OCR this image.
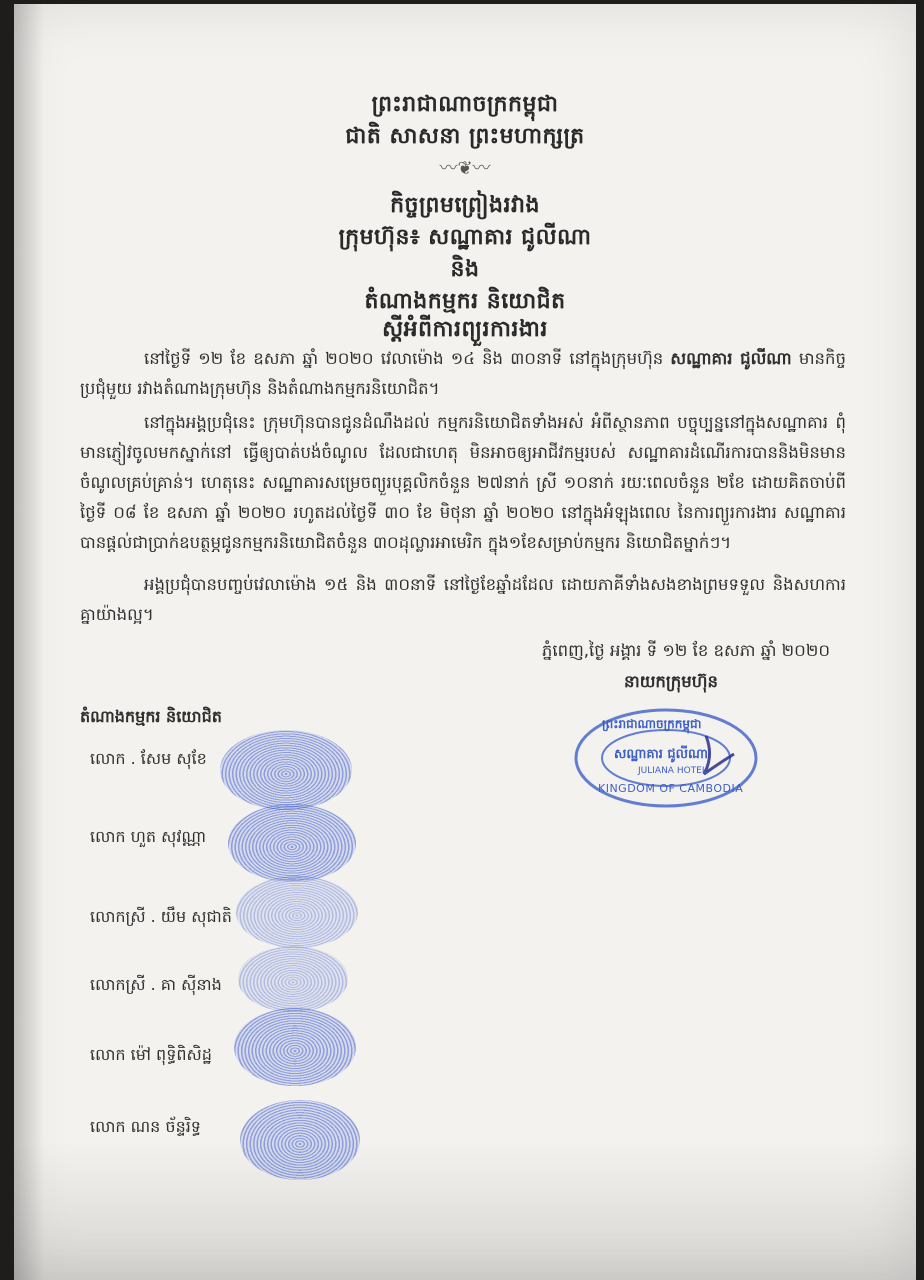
ព្រះរាជាណាចក្រកម្ពុជា
ជាតិ សាសនា ព្រះមហាក្សត្រ
〰❦〰
កិច្ចព្រមព្រៀងរវាង
ក្រុមហ៊ុន៖ សណ្ឋាគារ ជូលីណា
និង
តំណាងកម្មករ និយោជិត
ស្ដីអំពីការព្យួរការងារ
នៅថ្ងៃទី ១២ ខែ ឧសភា ឆ្នាំ ២០២០ វេលាម៉ោង ១៤ និង ៣០នាទី នៅក្នុងក្រុមហ៊ុន សណ្ឋាគារ ជូលីណា មានកិច្ចប្រជុំមួយ រវាងតំណាងក្រុមហ៊ុន និងតំណាងកម្មករនិយោជិត។
នៅក្នុងអង្គប្រជុំនេះ ក្រុមហ៊ុនបានជូនដំណឹងដល់ កម្មករនិយោជិតទាំងអស់ អំពីស្ថានភាព បច្ចុប្បន្ននៅក្នុងសណ្ឋាគារ ពុំមានភ្ញៀវចូលមកស្នាក់នៅ ធ្វើឲ្យបាត់បង់ចំណូល ដែលជាហេតុ មិនអាចឲ្យអាជីវកម្មរបស់ សណ្ឋាគារដំណើរការបាននិងមិនមានចំណូលគ្រប់គ្រាន់។ ហេតុនេះ សណ្ឋាគារសម្រេចព្យួរបុគ្គលិកចំនួន ២៧នាក់ ស្រី ១០នាក់ រយៈពេលចំនួន ២ខែ ដោយគិតចាប់ពីថ្ងៃទី ០៨ ខែ ឧសភា ឆ្នាំ ២០២០ រហូតដល់ថ្ងៃទី ៣០ ខែ មិថុនា ឆ្នាំ ២០២០ នៅក្នុងអំឡុងពេល នៃការព្យួរការងារ សណ្ឋាគារបានផ្ដល់ជាប្រាក់ឧបត្ថម្ភជូនកម្មករនិយោជិតចំនួន ៣០ដុល្លារអាមេរិក ក្នុង១ខែសម្រាប់កម្មករ និយោជិតម្នាក់ៗ។
អង្គប្រជុំបានបញ្ចប់វេលាម៉ោង ១៥ និង ៣០នាទី នៅថ្ងៃខែឆ្នាំដដែល ដោយភាគីទាំងសងខាងព្រមទទួល និងសហការគ្នាយ៉ាងល្អ។
ភ្នំពេញ,ថ្ងៃ អង្គារ ទី ១២ ខែ ឧសភា ឆ្នាំ ២០២០
នាយកក្រុមហ៊ុន
ព្រះរាជាណាចក្រកម្ពុជា
សណ្ឋាគារ ជូលីណា
JULIANA HOTEL
KINGDOM OF CAMBODIA
តំណាងកម្មករ និយោជិត
លោក . សែម សុខែ
លោក ហួត សុវណ្ណា
លោកស្រី . យឹម សុជាតិ
លោកស្រី . គា ស៊ីនាង
លោក ម៉ៅ ពុទ្ធិពិសិដ្ឋ
លោក ណន ច័ន្ទរិទ្ធ
